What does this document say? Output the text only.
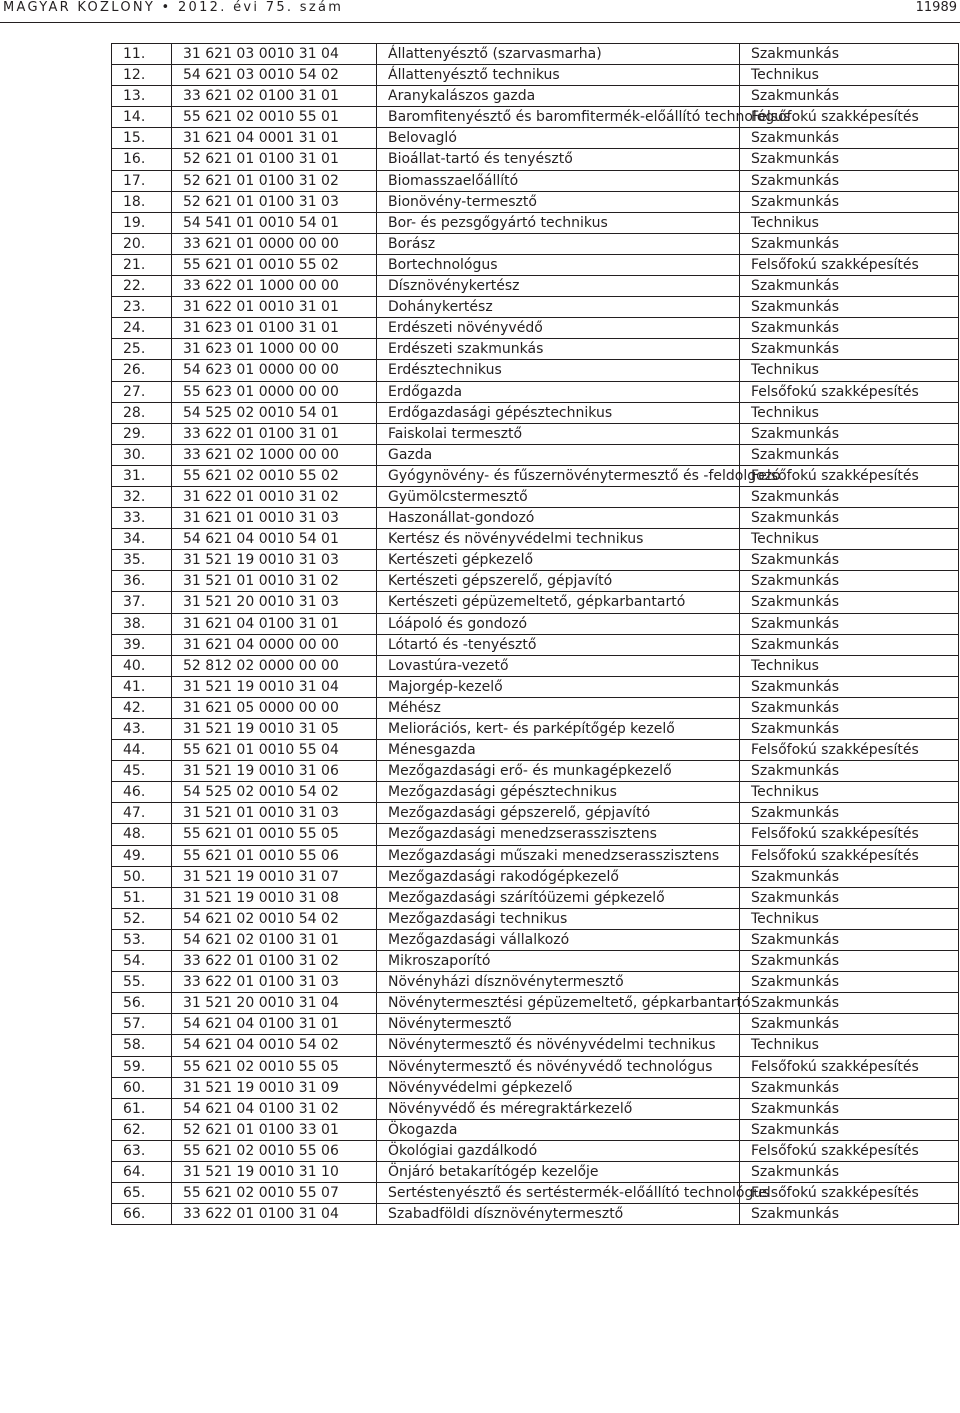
MAGYAR KÖZLÖNY • 2012. évi 75. szám	11989
11.	31 621 03 0010 31 04	Állattenyésztő (szarvasmarha)	Szakmunkás
12.	54 621 03 0010 54 02	Állattenyésztő technikus	Technikus
13.	33 621 02 0100 31 01	Aranykalászos gazda	Szakmunkás
14.	55 621 02 0010 55 01	Baromfitenyésztő és baromfitermék-előállító technológus	Felsőfokú szakképesítés
15.	31 621 04 0001 31 01	Belovagló	Szakmunkás
16.	52 621 01 0100 31 01	Bioállat-tartó és tenyésztő	Szakmunkás
17.	52 621 01 0100 31 02	Biomasszaelőállító	Szakmunkás
18.	52 621 01 0100 31 03	Bionövény-termesztő	Szakmunkás
19.	54 541 01 0010 54 01	Bor- és pezsgőgyártó technikus	Technikus
20.	33 621 01 0000 00 00	Borász	Szakmunkás
21.	55 621 01 0010 55 02	Bortechnológus	Felsőfokú szakképesítés
22.	33 622 01 1000 00 00	Dísznövénykertész	Szakmunkás
23.	31 622 01 0010 31 01	Dohánykertész	Szakmunkás
24.	31 623 01 0100 31 01	Erdészeti növényvédő	Szakmunkás
25.	31 623 01 1000 00 00	Erdészeti szakmunkás	Szakmunkás
26.	54 623 01 0000 00 00	Erdésztechnikus	Technikus
27.	55 623 01 0000 00 00	Erdőgazda	Felsőfokú szakképesítés
28.	54 525 02 0010 54 01	Erdőgazdasági gépésztechnikus	Technikus
29.	33 622 01 0100 31 01	Faiskolai termesztő	Szakmunkás
30.	33 621 02 1000 00 00	Gazda	Szakmunkás
31.	55 621 02 0010 55 02	Gyógynövény- és fűszernövénytermesztő és -feldolgozó	Felsőfokú szakképesítés
32.	31 622 01 0010 31 02	Gyümölcstermesztő	Szakmunkás
33.	31 621 01 0010 31 03	Haszonállat-gondozó	Szakmunkás
34.	54 621 04 0010 54 01	Kertész és növényvédelmi technikus	Technikus
35.	31 521 19 0010 31 03	Kertészeti gépkezelő	Szakmunkás
36.	31 521 01 0010 31 02	Kertészeti gépszerelő, gépjavító	Szakmunkás
37.	31 521 20 0010 31 03	Kertészeti gépüzemeltető, gépkarbantartó	Szakmunkás
38.	31 621 04 0100 31 01	Lóápoló és gondozó	Szakmunkás
39.	31 621 04 0000 00 00	Lótartó és -tenyésztő	Szakmunkás
40.	52 812 02 0000 00 00	Lovastúra-vezető	Technikus
41.	31 521 19 0010 31 04	Majorgép-kezelő	Szakmunkás
42.	31 621 05 0000 00 00	Méhész	Szakmunkás
43.	31 521 19 0010 31 05	Meliorációs, kert- és parképítőgép kezelő	Szakmunkás
44.	55 621 01 0010 55 04	Ménesgazda	Felsőfokú szakképesítés
45.	31 521 19 0010 31 06	Mezőgazdasági erő- és munkagépkezelő	Szakmunkás
46.	54 525 02 0010 54 02	Mezőgazdasági gépésztechnikus	Technikus
47.	31 521 01 0010 31 03	Mezőgazdasági gépszerelő, gépjavító	Szakmunkás
48.	55 621 01 0010 55 05	Mezőgazdasági menedzserasszisztens	Felsőfokú szakképesítés
49.	55 621 01 0010 55 06	Mezőgazdasági műszaki menedzserasszisztens	Felsőfokú szakképesítés
50.	31 521 19 0010 31 07	Mezőgazdasági rakodógépkezelő	Szakmunkás
51.	31 521 19 0010 31 08	Mezőgazdasági szárítóüzemi gépkezelő	Szakmunkás
52.	54 621 02 0010 54 02	Mezőgazdasági technikus	Technikus
53.	54 621 02 0100 31 01	Mezőgazdasági vállalkozó	Szakmunkás
54.	33 622 01 0100 31 02	Mikroszaporító	Szakmunkás
55.	33 622 01 0100 31 03	Növényházi dísznövénytermesztő	Szakmunkás
56.	31 521 20 0010 31 04	Növénytermesztési gépüzemeltető, gépkarbantartó	Szakmunkás
57.	54 621 04 0100 31 01	Növénytermesztő	Szakmunkás
58.	54 621 04 0010 54 02	Növénytermesztő és növényvédelmi technikus	Technikus
59.	55 621 02 0010 55 05	Növénytermesztő és növényvédő technológus	Felsőfokú szakképesítés
60.	31 521 19 0010 31 09	Növényvédelmi gépkezelő	Szakmunkás
61.	54 621 04 0100 31 02	Növényvédő és méregraktárkezelő	Szakmunkás
62.	52 621 01 0100 33 01	Ökogazda	Szakmunkás
63.	55 621 02 0010 55 06	Ökológiai gazdálkodó	Felsőfokú szakképesítés
64.	31 521 19 0010 31 10	Önjáró betakarítógép kezelője	Szakmunkás
65.	55 621 02 0010 55 07	Sertéstenyésztő és sertéstermék-előállító technológus	Felsőfokú szakképesítés
66.	33 622 01 0100 31 04	Szabadföldi dísznövénytermesztő	Szakmunkás
